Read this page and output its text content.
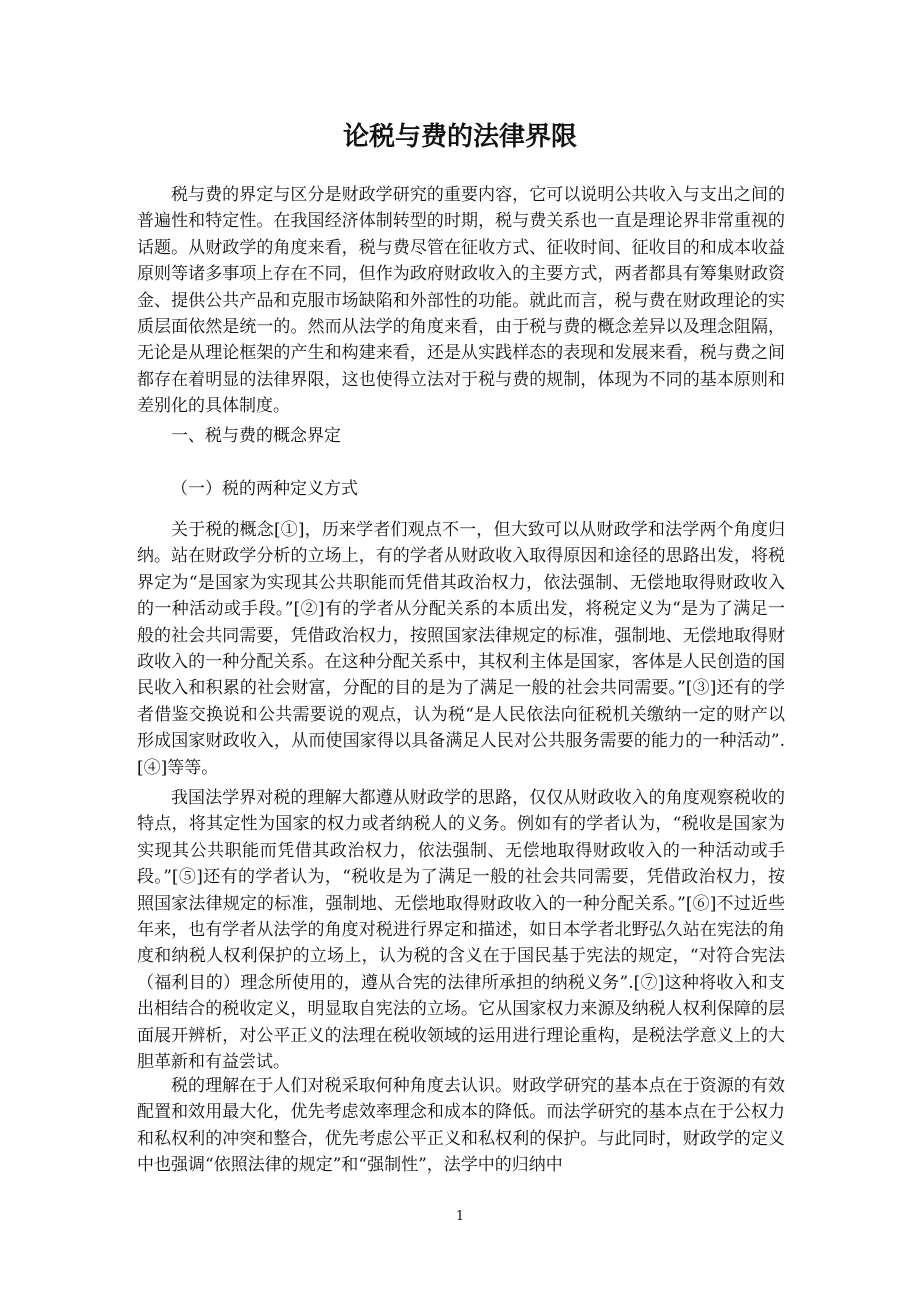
论税与费的法律界限

税与费的界定与区分是财政学研究的重要内容，它可以说明公共收入与支出之间的普遍性和特定性。在我国经济体制转型的时期，税与费关系也一直是理论界非常重视的话题。从财政学的角度来看，税与费尽管在征收方式、征收时间、征收目的和成本收益原则等诸多事项上存在不同，但作为政府财政收入的主要方式，两者都具有筹集财政资金、提供公共产品和克服市场缺陷和外部性的功能。就此而言，税与费在财政理论的实质层面依然是统一的。然而从法学的角度来看，由于税与费的概念差异以及理念阻隔，无论是从理论框架的产生和构建来看，还是从实践样态的表现和发展来看，税与费之间都存在着明显的法律界限，这也使得立法对于税与费的规制，体现为不同的基本原则和差别化的具体制度。

一、税与费的概念界定

（一）税的两种定义方式

关于税的概念[①]，历来学者们观点不一，但大致可以从财政学和法学两个角度归纳。站在财政学分析的立场上，有的学者从财政收入取得原因和途径的思路出发，将税界定为“是国家为实现其公共职能而凭借其政治权力，依法强制、无偿地取得财政收入的一种活动或手段。”[②]有的学者从分配关系的本质出发，将税定义为“是为了满足一般的社会共同需要，凭借政治权力，按照国家法律规定的标准，强制地、无偿地取得财政收入的一种分配关系。在这种分配关系中，其权利主体是国家，客体是人民创造的国民收入和积累的社会财富，分配的目的是为了满足一般的社会共同需要。”[③]还有的学者借鉴交换说和公共需要说的观点，认为税“是人民依法向征税机关缴纳一定的财产以形成国家财政收入，从而使国家得以具备满足人民对公共服务需要的能力的一种活动”.[④]等等。

我国法学界对税的理解大都遵从财政学的思路，仅仅从财政收入的角度观察税收的特点，将其定性为国家的权力或者纳税人的义务。例如有的学者认为，“税收是国家为实现其公共职能而凭借其政治权力，依法强制、无偿地取得财政收入的一种活动或手段。”[⑤]还有的学者认为，“税收是为了满足一般的社会共同需要，凭借政治权力，按照国家法律规定的标准，强制地、无偿地取得财政收入的一种分配关系。”[⑥]不过近些年来，也有学者从法学的角度对税进行界定和描述，如日本学者北野弘久站在宪法的角度和纳税人权利保护的立场上，认为税的含义在于国民基于宪法的规定，“对符合宪法（福利目的）理念所使用的，遵从合宪的法律所承担的纳税义务”.[⑦]这种将收入和支出相结合的税收定义，明显取自宪法的立场。它从国家权力来源及纳税人权利保障的层面展开辨析，对公平正义的法理在税收领域的运用进行理论重构，是税法学意义上的大胆革新和有益尝试。

税的理解在于人们对税采取何种角度去认识。财政学研究的基本点在于资源的有效配置和效用最大化，优先考虑效率理念和成本的降低。而法学研究的基本点在于公权力和私权利的冲突和整合，优先考虑公平正义和私权利的保护。与此同时，财政学的定义中也强调“依照法律的规定”和“强制性”，法学中的归纳中

1
